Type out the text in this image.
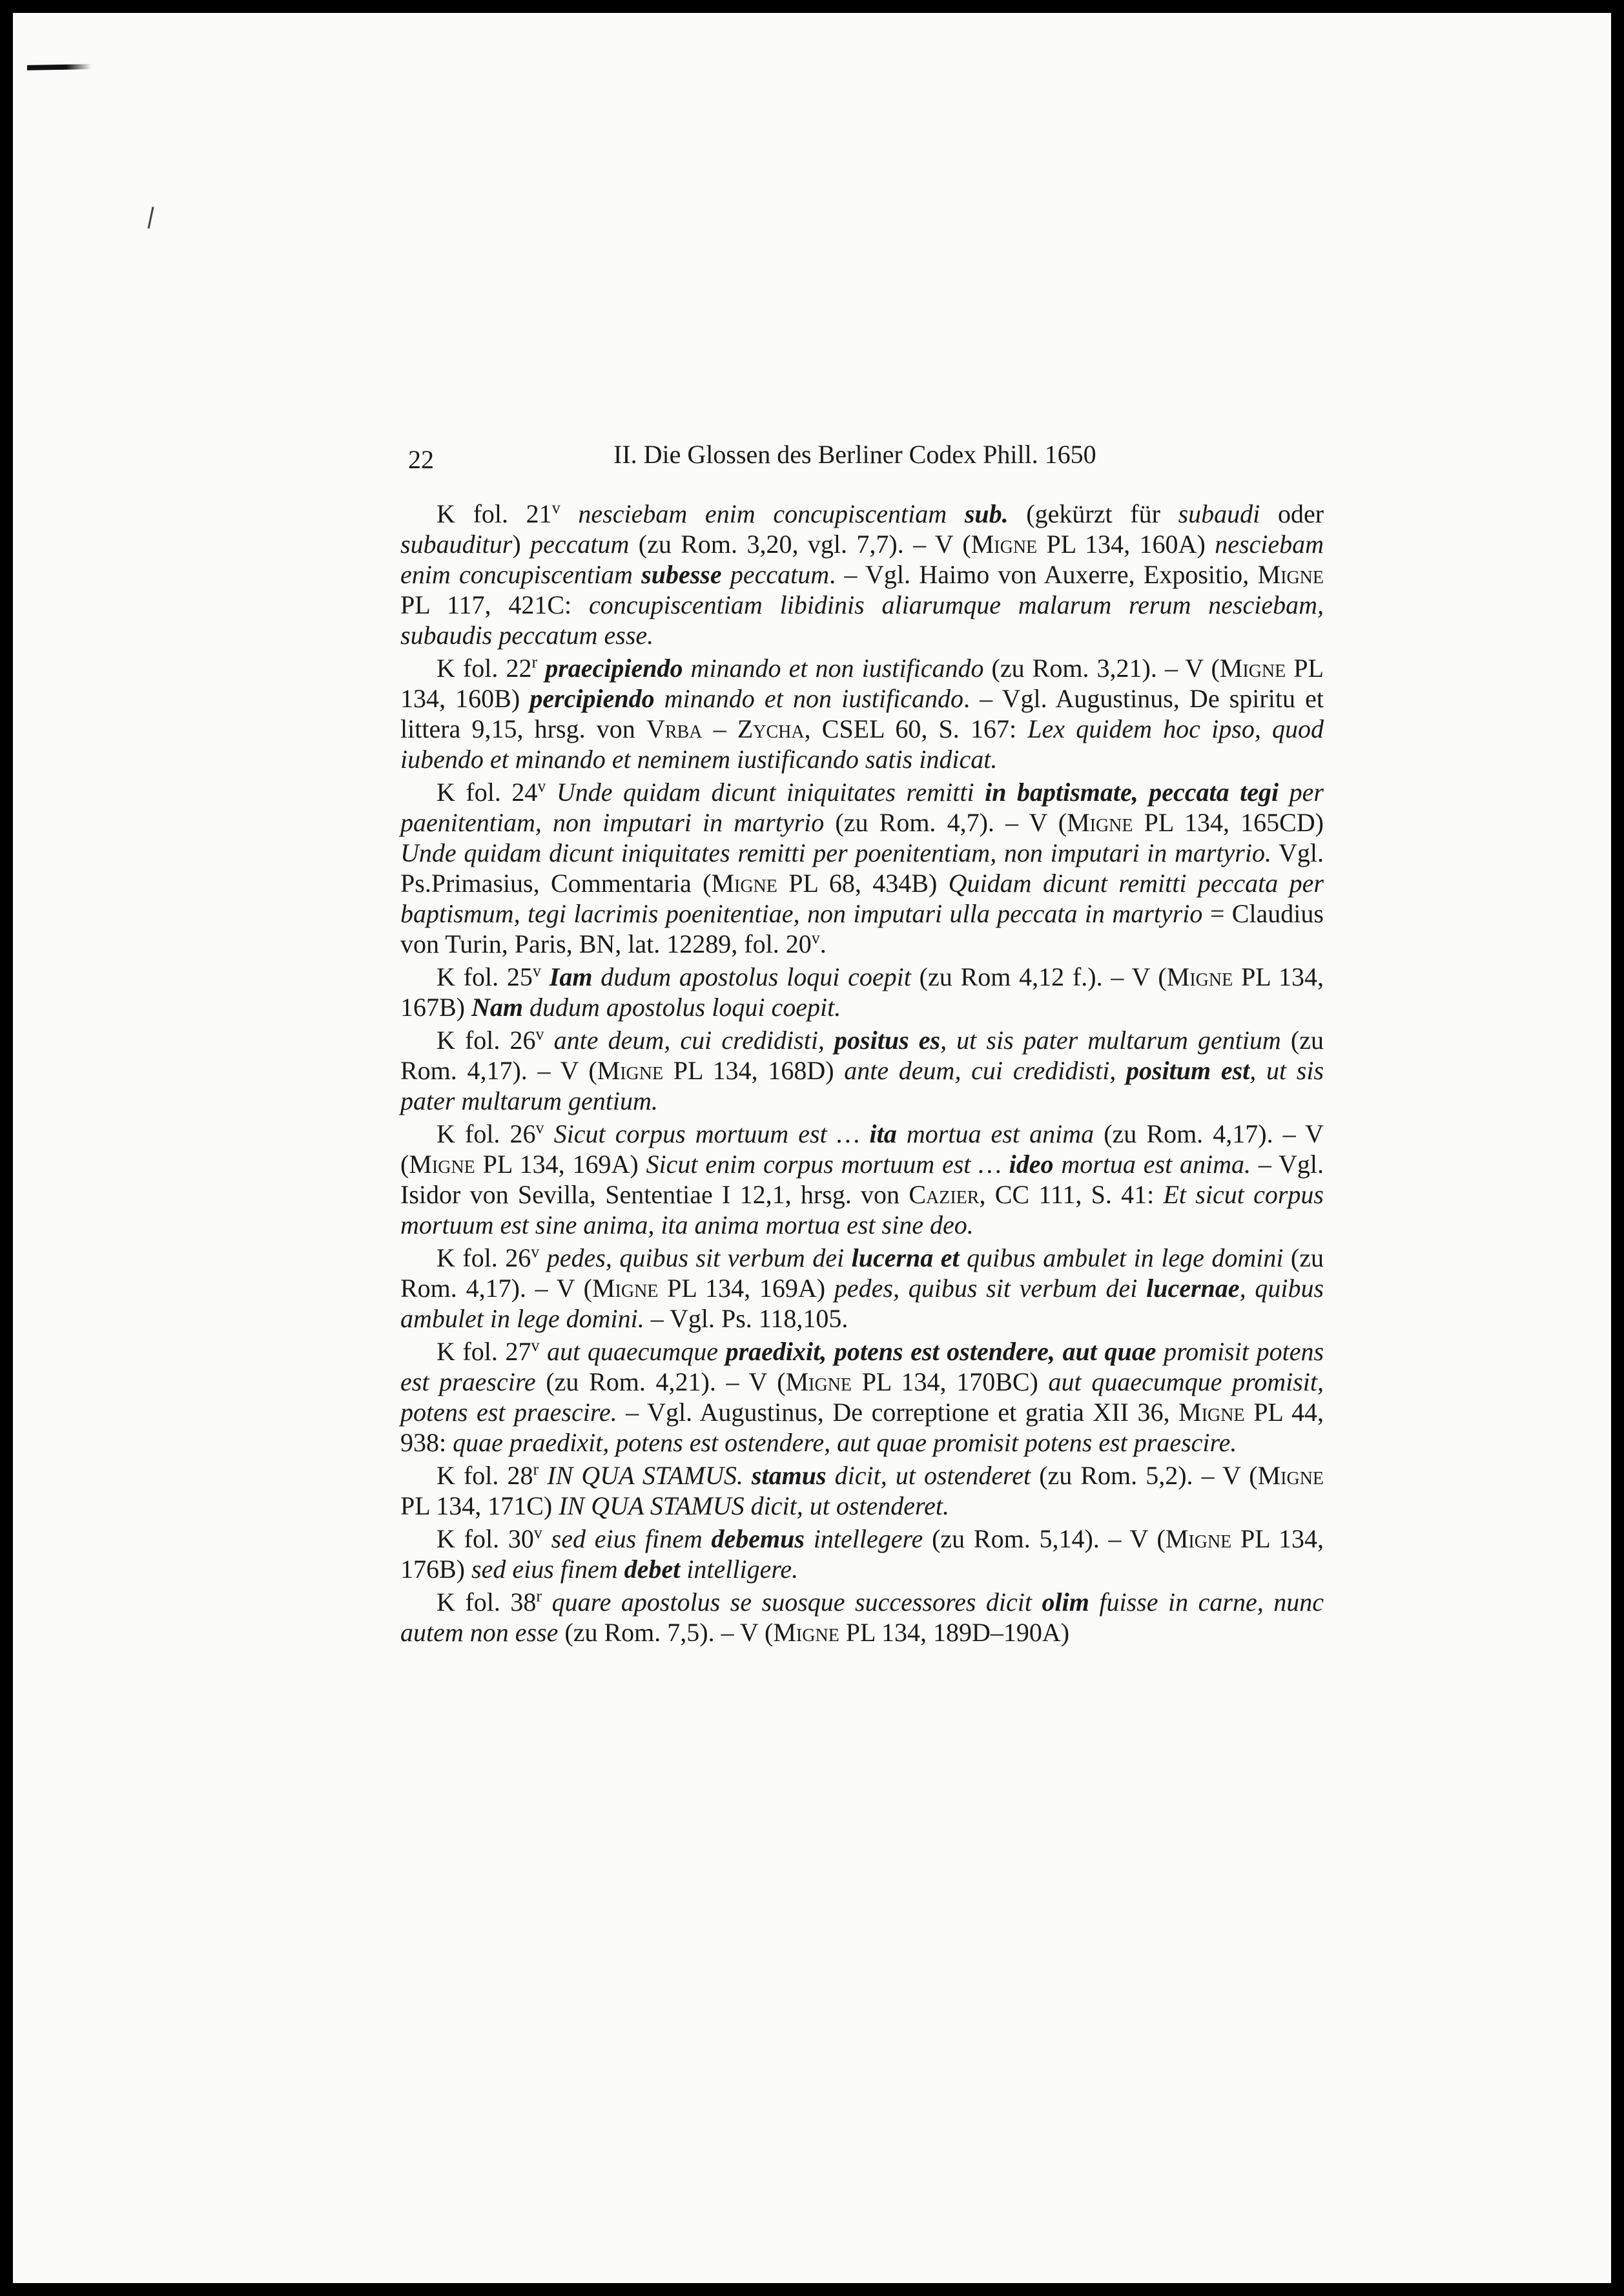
22	II. Die Glossen des Berliner Codex Phill. 1650

K fol. 21$^v$ nesciebam enim concupiscentiam sub. (gekürzt für subaudi oder subauditur) peccatum (zu Rom. 3,20, vgl. 7,7). – V (Migne PL 134, 160A) nesciebam enim concupiscentiam subesse peccatum. – Vgl. Haimo von Auxerre, Expositio, Migne PL 117, 421C: concupiscentiam libidinis aliarumque malarum rerum nesciebam, subaudis peccatum esse.

K fol. 22$^r$ praecipiendo minando et non iustificando (zu Rom. 3,21). – V (Migne PL 134, 160B) percipiendo minando et non iustificando. – Vgl. Augustinus, De spiritu et littera 9,15, hrsg. von Vrba – Zycha, CSEL 60, S. 167: Lex quidem hoc ipso, quod iubendo et minando et neminem iustificando satis indicat.

K fol. 24$^v$ Unde quidam dicunt iniquitates remitti in baptismate, peccata tegi per paenitentiam, non imputari in martyrio (zu Rom. 4,7). – V (Migne PL 134, 165CD) Unde quidam dicunt iniquitates remitti per poenitentiam, non imputari in martyrio. Vgl. Ps.Primasius, Commentaria (Migne PL 68, 434B) Quidam dicunt remitti peccata per baptismum, tegi lacrimis poenitentiae, non imputari ulla peccata in martyrio = Claudius von Turin, Paris, BN, lat. 12289, fol. 20$^v$.

K fol. 25$^v$ Iam dudum apostolus loqui coepit (zu Rom 4,12 f.). – V (Migne PL 134, 167B) Nam dudum apostolus loqui coepit.

K fol. 26$^v$ ante deum, cui credidisti, positus es, ut sis pater multarum gentium (zu Rom. 4,17). – V (Migne PL 134, 168D) ante deum, cui credidisti, positum est, ut sis pater multarum gentium.

K fol. 26$^v$ Sicut corpus mortuum est … ita mortua est anima (zu Rom. 4,17). – V (Migne PL 134, 169A) Sicut enim corpus mortuum est … ideo mortua est anima. – Vgl. Isidor von Sevilla, Sententiae I 12,1, hrsg. von Cazier, CC 111, S. 41: Et sicut corpus mortuum est sine anima, ita anima mortua est sine deo.

K fol. 26$^v$ pedes, quibus sit verbum dei lucerna et quibus ambulet in lege domini (zu Rom. 4,17). – V (Migne PL 134, 169A) pedes, quibus sit verbum dei lucernae, quibus ambulet in lege domini. – Vgl. Ps. 118,105.

K fol. 27$^v$ aut quaecumque praedixit, potens est ostendere, aut quae promisit potens est praescire (zu Rom. 4,21). – V (Migne PL 134, 170BC) aut quaecumque promisit, potens est praescire. – Vgl. Augustinus, De correptione et gratia XII 36, Migne PL 44, 938: quae praedixit, potens est ostendere, aut quae promisit potens est praescire.

K fol. 28$^r$ IN QUA STAMUS. stamus dicit, ut ostenderet (zu Rom. 5,2). – V (Migne PL 134, 171C) IN QUA STAMUS dicit, ut ostenderet.

K fol. 30$^v$ sed eius finem debemus intellegere (zu Rom. 5,14). – V (Migne PL 134, 176B) sed eius finem debet intelligere.

K fol. 38$^r$ quare apostolus se suosque successores dicit olim fuisse in carne, nunc autem non esse (zu Rom. 7,5). – V (Migne PL 134, 189D–190A)
